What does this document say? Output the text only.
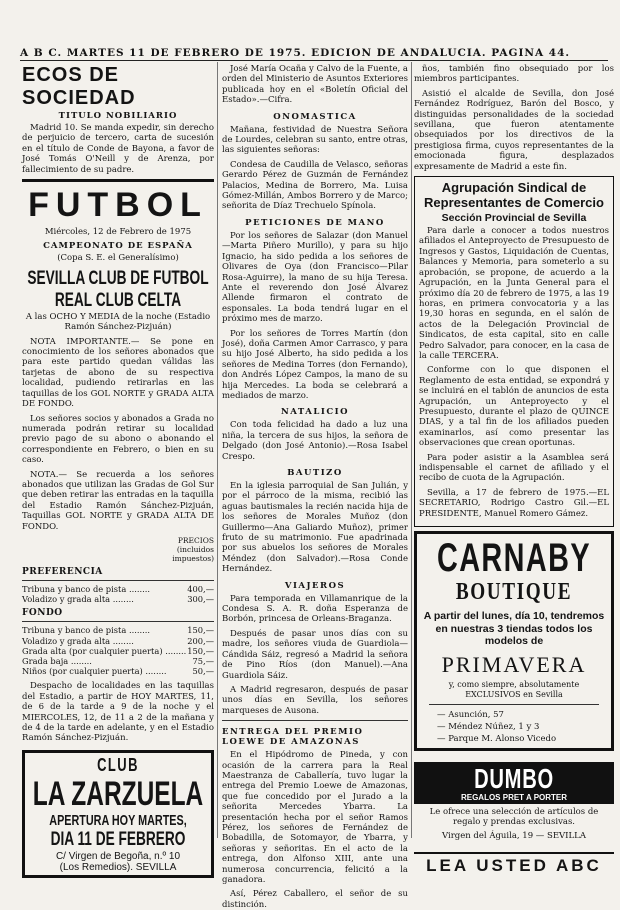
A B C. MARTES 11 DE FEBRERO DE 1975. EDICION DE ANDALUCIA. PAGINA 44.
ECOS DE SOCIEDAD
TITULO NOBILIARIO

Madrid 10. Se manda expedir, sin derecho de perjuicio de tercero, carta de sucesión en el título de Conde de Bayona, a favor de José Tomás O'Neill y de Arenza, por fallecimiento de su padre.

FUTBOL

Miércoles, 12 de Febrero de 1975

CAMPEONATO DE ESPAÑA

(Copa S. E. el Generalísimo)

SEVILLA CLUB DE FUTBOL
REAL CLUB CELTA

A las OCHO Y MEDIA de la noche (Estadio Ramón Sánchez-Pizjuán)

NOTA IMPORTANTE.— Se pone en conocimiento de los señores abonados que para este partido quedan válidas las tarjetas de abono de su respectiva localidad, pudiendo retirarlas en las taquillas de los GOL NORTE y GRADA ALTA DE FONDO.

Los señores socios y abonados a Grada no numerada podrán retirar su localidad previo pago de su abono o abonando el correspondiente en Febrero, o bien en su caso.

NOTA.— Se recuerda a los señores abonados que utilizan las Gradas de Gol Sur que deben retirar las entradas en la taquilla del Estadio Ramón Sánchez-Pizjuán, Taquillas GOL NORTE y GRADA ALTA DE FONDO.

PRECIOS (incluidos impuestos)
PREFERENCIA
Tribuna y banco de pista ........	400,—
Voladizo y grada alta ........	300,—
FONDO
Tribuna y banco de pista ........	150,—
Voladizo y grada alta ........	200,—
Grada alta (por cualquier puerta) ........ 150,—
Grada baja ........	75,—
Niños (por cualquier puerta) ........	50,—

Despacho de localidades en las taquillas del Estadio, a partir de HOY MARTES, 11, de 6 de la tarde a 9 de la noche y el MIERCOLES, 12, de 11 a 2 de la mañana y de 4 de la tarde en adelante, y en el Estadio Ramón Sánchez-Pizjuán.

CLUB
LA ZARZUELA
APERTURA HOY MARTES,
DIA 11 DE FEBRERO
C/ Virgen de Begoña, n.º 10
(Los Remedios). SEVILLA

José María Ocaña y Calvo de la Fuente, a orden del Ministerio de Asuntos Exteriores publicada hoy en el «Boletín Oficial del Estado».—Cifra.

ONOMASTICA

Mañana, festividad de Nuestra Señora de Lourdes, celebran su santo, entre otras, las siguientes señoras:

Condesa de Caudilla de Velasco, señoras Gerardo Pérez de Guzmán de Fernández Palacios, Medina de Borrero, Ma. Luisa Gómez-Millán, Ambos Borrero y de Marco; señorita de Díaz Trechuelo Spínola.

PETICIONES DE MANO

Por los señores de Salazar (don Manuel—Marta Piñero Murillo), y para su hijo Ignacio, ha sido pedida a los señores de Olivares de Oya (don Francisco—Pilar Rosa-Aguirre), la mano de su hija Teresa. Ante el reverendo don José Álvarez Allende firmaron el contrato de esponsales. La boda tendrá lugar en el próximo mes de marzo.

Por los señores de Torres Martín (don José), doña Carmen Amor Carrasco, y para su hijo José Alberto, ha sido pedida a los señores de Medina Torres (don Fernando), don Andrés López Campos, la mano de su hija Mercedes. La boda se celebrará a mediados de marzo.

NATALICIO

Con toda felicidad ha dado a luz una niña, la tercera de sus hijos, la señora de Delgado (don José Antonio).—Rosa Isabel Crespo.

BAUTIZO

En la iglesia parroquial de San Julián, y por el párroco de la misma, recibió las aguas bautismales la recién nacida hija de los señores de Morales Muñoz (don Guillermo—Ana Galiardo Muñoz), primer fruto de su matrimonio. Fue apadrinada por sus abuelos los señores de Morales Méndez (don Salvador).—Rosa Conde Hernández.

VIAJEROS

Para temporada en Villamanrique de la Condesa S. A. R. doña Esperanza de Borbón, princesa de Orleans-Braganza.

Después de pasar unos días con su madre, los señores viuda de Guardiola—Cándida Sáiz, regresó a Madrid la señora de Pino Ríos (don Manuel).—Ana Guardiola Sáiz.

A Madrid regresaron, después de pasar unos días en Sevilla, los señores marqueses de Ausona.

ENTREGA DEL PREMIO LOEWE DE AMAZONAS

En el Hipódromo de Pineda, y con ocasión de la carrera para la Real Maestranza de Caballería, tuvo lugar la entrega del Premio Loewe de Amazonas, que fue concedido por el Jurado a la señorita Mercedes Ybarra. La presentación hecha por el señor Ramos Pérez, los señores de Fernández de Bobadilla, de Sotomayor, de Ybarra, y señoras y señoritas. En el acto de la entrega, don Alfonso XIII, ante una numerosa concurrencia, felicitó a la ganadora.

Así, Pérez Caballero, el señor de su distinción.

ños, también fino obsequiado por los miembros participantes.

Asistió el alcalde de Sevilla, don José Fernández Rodríguez, Barón del Bosco, y distinguidas personalidades de la sociedad sevillana, que fueron atentamente obsequiados por los directivos de la prestigiosa firma, cuyos representantes de la emocionada figura, desplazados expresamente de Madrid a este fin.

Agrupación Sindical de Representantes de Comercio
Sección Provincial de Sevilla

Para darle a conocer a todos nuestros afiliados el Anteproyecto de Presupuesto de Ingresos y Gastos, Liquidación de Cuentas, Balances y Memoria, para someterlo a su aprobación, se propone, de acuerdo a la Agrupación, en la Junta General para el próximo día 20 de febrero de 1975, a las 19 horas, en primera convocatoria y a las 19,30 horas en segunda, en el salón de actos de la Delegación Provincial de Sindicatos, de esta capital, sito en calle Pedro Salvador, para conocer, en la casa de la calle TERCERA.

Conforme con lo que disponen el Reglamento de esta entidad, se expondrá y se incluirá en el tablón de anuncios de esta Agrupación, un Anteproyecto y el Presupuesto, durante el plazo de QUINCE DIAS, y a tal fin de los afiliados pueden examinarlos, así como presentar las observaciones que crean oportunas.

Para poder asistir a la Asamblea será indispensable el carnet de afiliado y el recibo de cuota de la Agrupación.

Sevilla, a 17 de febrero de 1975.—EL SECRETARIO, Rodrigo Castro Gil.—EL PRESIDENTE, Manuel Romero Gámez.

CARNABY
BOUTIQUE
A partir del lunes, día 10, tendremos en nuestras 3 tiendas todos los modelos de
PRIMAVERA
y, como siempre, absolutamente EXCLUSIVOS en Sevilla
— Asunción, 57
— Méndez Núñez, 1 y 3
— Parque M. Alonso Vicedo
DUMBO
REGALOS PRET A PORTER

Le ofrece una selección de artículos de regalo y prendas exclusivas.

Virgen del Águila, 19 — SEVILLA

LEA USTED ABC
